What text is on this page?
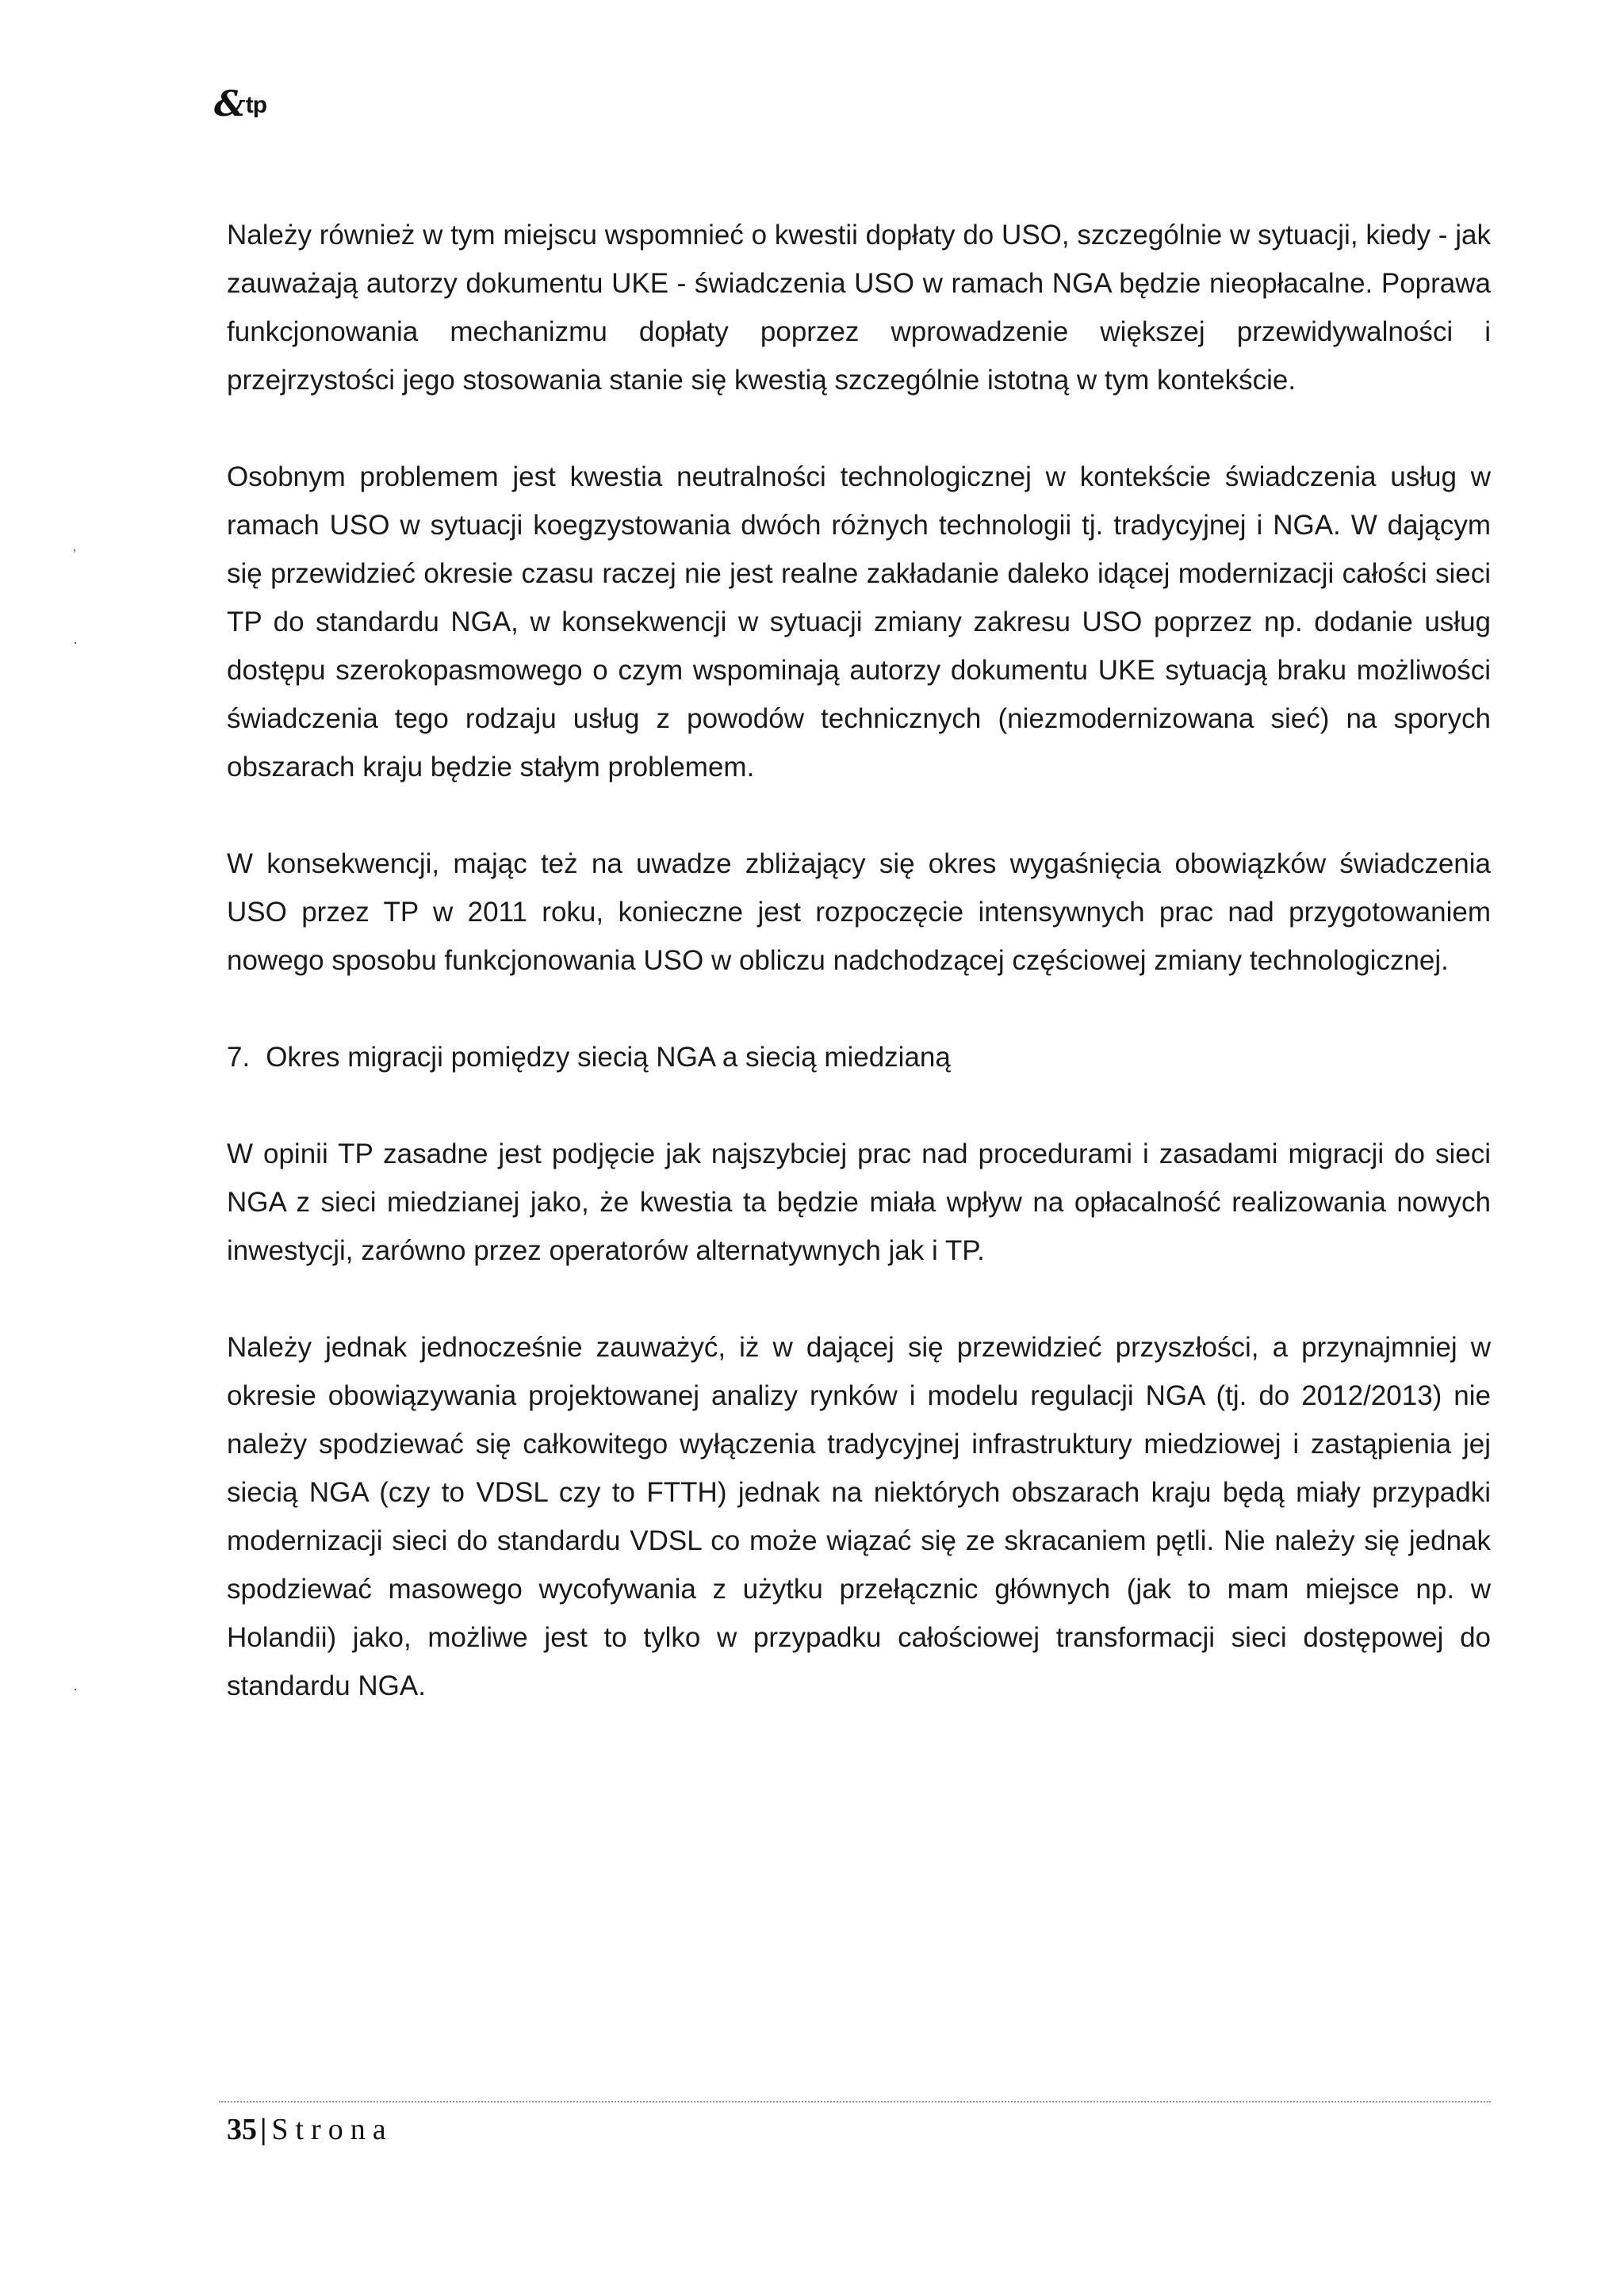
&tp
ʼ
·
·

Należy również w tym miejscu wspomnieć o kwestii dopłaty do USO, szczególnie w sytuacji, kiedy - jak zauważają autorzy dokumentu UKE - świadczenia USO w ramach NGA będzie nieopłacalne. Poprawa funkcjonowania mechanizmu dopłaty poprzez wprowadzenie większej przewidywalności i przejrzystości jego stosowania stanie się kwestią szczególnie istotną w tym kontekście.

Osobnym problemem jest kwestia neutralności technologicznej w kontekście świadczenia usług w ramach USO w sytuacji koegzystowania dwóch różnych technologii tj. tradycyjnej i NGA. W dającym się przewidzieć okresie czasu raczej nie jest realne zakładanie daleko idącej modernizacji całości sieci TP do standardu NGA, w konsekwencji w sytuacji zmiany zakresu USO poprzez np. dodanie usług dostępu szerokopasmowego o czym wspominają autorzy dokumentu UKE sytuacją braku możliwości świadczenia tego rodzaju usług z powodów technicznych (niezmodernizowana sieć) na sporych obszarach kraju będzie stałym problemem.

W konsekwencji, mając też na uwadze zbliżający się okres wygaśnięcia obowiązków świadczenia USO przez TP w 2011 roku, konieczne jest rozpoczęcie intensywnych prac nad przygotowaniem nowego sposobu funkcjonowania USO w obliczu nadchodzącej częściowej zmiany technologicznej.

7. Okres migracji pomiędzy siecią NGA a siecią miedzianą

W opinii TP zasadne jest podjęcie jak najszybciej prac nad procedurami i zasadami migracji do sieci NGA z sieci miedzianej jako, że kwestia ta będzie miała wpływ na opłacalność realizowania nowych inwestycji, zarówno przez operatorów alternatywnych jak i TP.

Należy jednak jednocześnie zauważyć, iż w dającej się przewidzieć przyszłości, a przynajmniej w okresie obowiązywania projektowanej analizy rynków i modelu regulacji NGA (tj. do 2012/2013) nie należy spodziewać się całkowitego wyłączenia tradycyjnej infrastruktury miedziowej i zastąpienia jej siecią NGA (czy to VDSL czy to FTTH) jednak na niektórych obszarach kraju będą miały przypadki modernizacji sieci do standardu VDSL co może wiązać się ze skracaniem pętli. Nie należy się jednak spodziewać masowego wycofywania z użytku przełącznic głównych (jak to mam miejsce np. w Holandii) jako, możliwe jest to tylko w przypadku całościowej transformacji sieci dostępowej do standardu NGA.

35 | Strona
